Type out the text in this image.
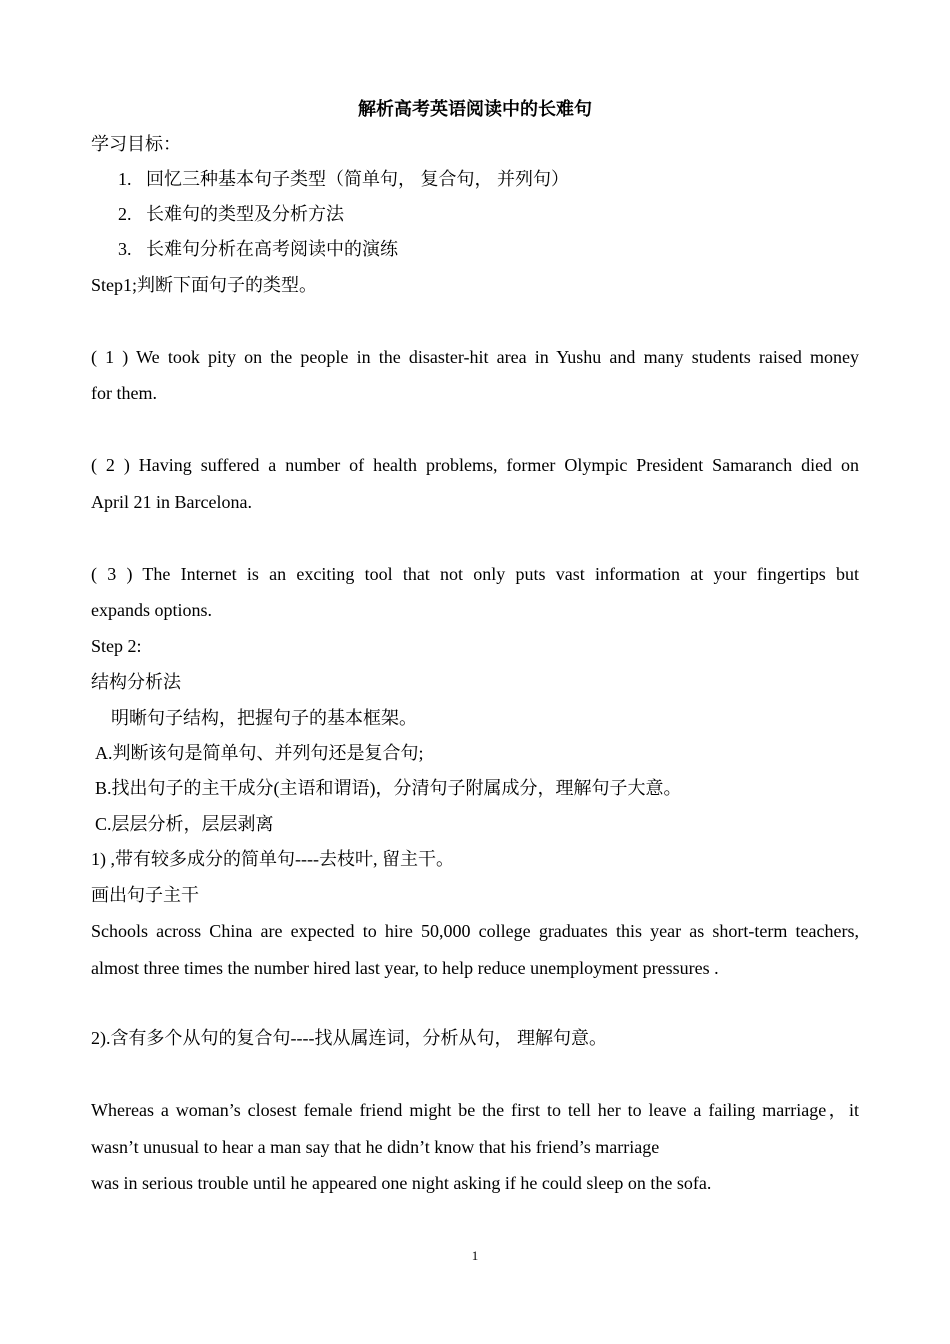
解析高考英语阅读中的长难句
学习目标：
1. 回忆三种基本句子类型（简单句， 复合句， 并列句）
2. 长难句的类型及分析方法
3. 长难句分析在高考阅读中的演练
Step1;判断下面句子的类型。
( 1 ) We took pity on the people in the disaster-hit area in Yushu and many students raised money
for them.
( 2 ) Having suffered a number of health problems, former Olympic President Samaranch died on
April 21 in Barcelona.
( 3 ) The Internet is an exciting tool that not only puts vast information at your fingertips but
expands options.
Step 2:
结构分析法
明晰句子结构，把握句子的基本框架。
A.判断该句是简单句、并列句还是复合句;
B.找出句子的主干成分(主语和谓语)，分清句子附属成分，理解句子大意。
C.层层分析，层层剥离
1) ,带有较多成分的简单句----去枝叶, 留主干。
画出句子主干
Schools across China are expected to hire 50,000 college graduates this year as short-term teachers,
almost three times the number hired last year, to help reduce unemployment pressures .
2).含有多个从句的复合句----找从属连词，分析从句， 理解句意。
Whereas a woman’s closest female friend might be the first to tell her to leave a failing marriage，it
wasn’t unusual to hear a man say that he didn’t know that his friend’s marriage
was in serious trouble until he appeared one night asking if he could sleep on the sofa.
1
